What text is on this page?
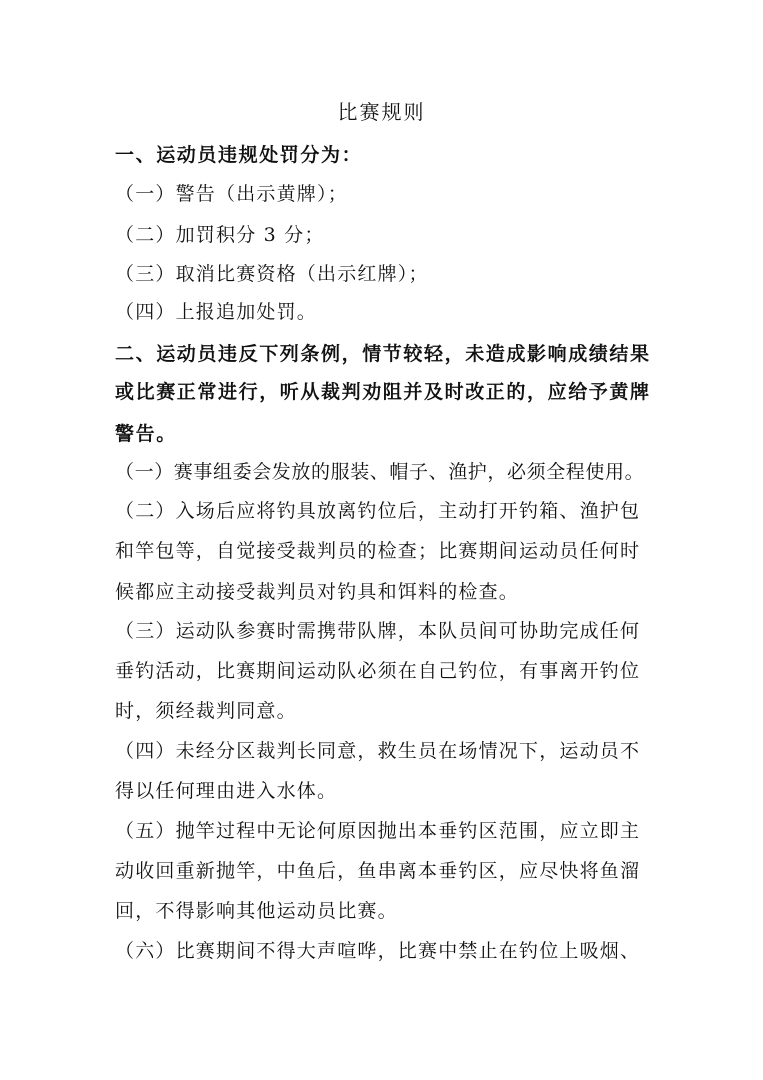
比赛规则
一、运动员违规处罚分为：
（一）警告（出示黄牌）；
（二）加罚积分 3 分；
（三）取消比赛资格（出示红牌）；
（四）上报追加处罚。
二、运动员违反下列条例，情节较轻，未造成影响成绩结果
或比赛正常进行，听从裁判劝阻并及时改正的，应给予黄牌
警告。
（一）赛事组委会发放的服装、帽子、渔护，必须全程使用。
（二）入场后应将钓具放离钓位后，主动打开钓箱、渔护包
和竿包等，自觉接受裁判员的检查；比赛期间运动员任何时
候都应主动接受裁判员对钓具和饵料的检查。
（三）运动队参赛时需携带队牌，本队员间可协助完成任何
垂钓活动，比赛期间运动队必须在自己钓位，有事离开钓位
时，须经裁判同意。
（四）未经分区裁判长同意，救生员在场情况下，运动员不
得以任何理由进入水体。
（五）抛竿过程中无论何原因抛出本垂钓区范围，应立即主
动收回重新抛竿，中鱼后，鱼串离本垂钓区，应尽快将鱼溜
回，不得影响其他运动员比赛。
（六）比赛期间不得大声喧哗，比赛中禁止在钓位上吸烟、
